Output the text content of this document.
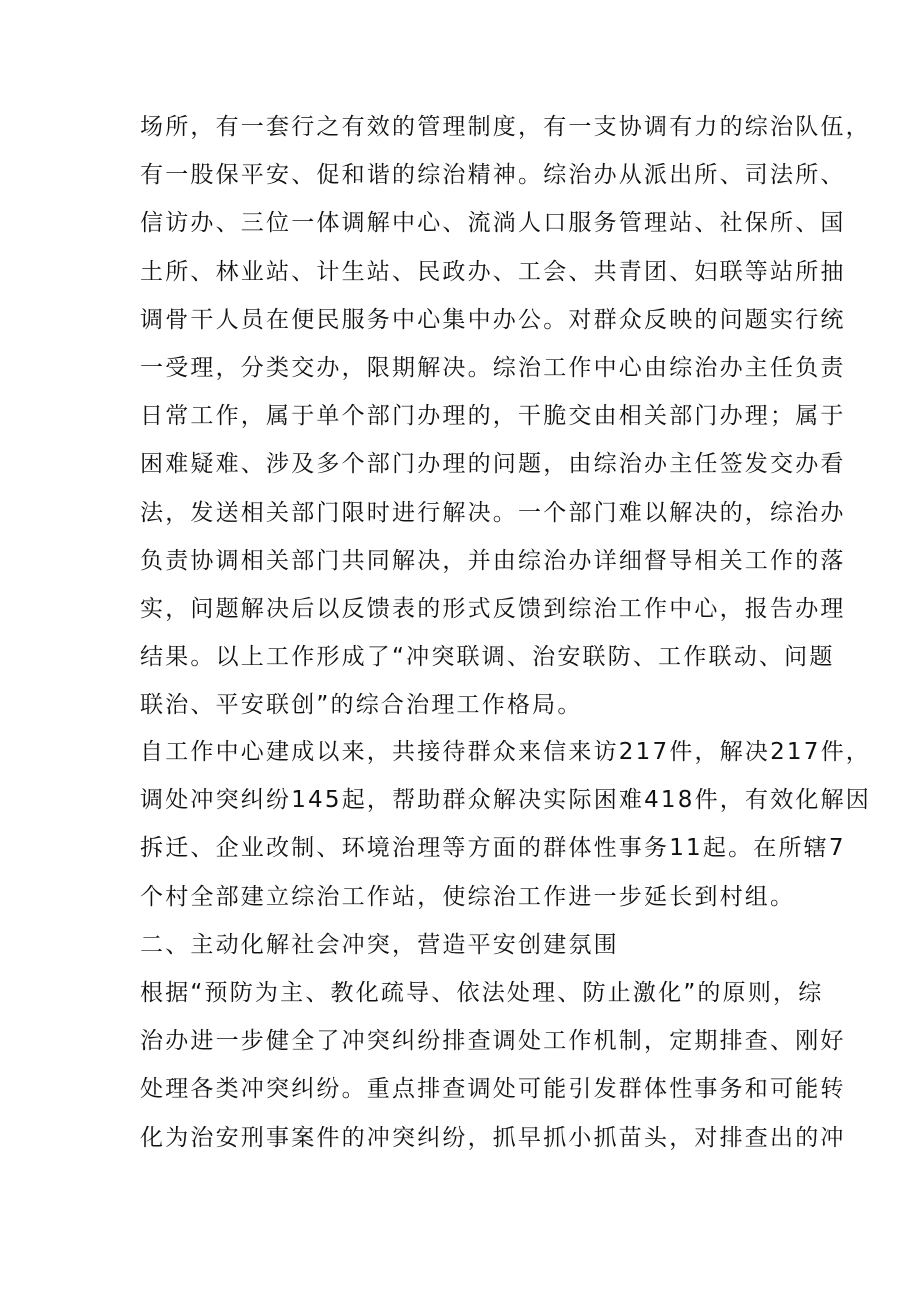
场所，有一套行之有效的管理制度，有一支协调有力的综治队伍，
有一股保平安、促和谐的综治精神。综治办从派出所、司法所、
信访办、三位一体调解中心、流淌人口服务管理站、社保所、国
土所、林业站、计生站、民政办、工会、共青团、妇联等站所抽
调骨干人员在便民服务中心集中办公。对群众反映的问题实行统
一受理，分类交办，限期解决。综治工作中心由综治办主任负责
日常工作，属于单个部门办理的，干脆交由相关部门办理；属于
困难疑难、涉及多个部门办理的问题，由综治办主任签发交办看
法，发送相关部门限时进行解决。一个部门难以解决的，综治办
负责协调相关部门共同解决，并由综治办详细督导相关工作的落
实，问题解决后以反馈表的形式反馈到综治工作中心，报告办理
结果。以上工作形成了“冲突联调、治安联防、工作联动、问题
联治、平安联创”的综合治理工作格局。
自工作中心建成以来，共接待群众来信来访217件，解决217件，
调处冲突纠纷145起，帮助群众解决实际困难418件，有效化解因
拆迁、企业改制、环境治理等方面的群体性事务11起。在所辖7
个村全部建立综治工作站，使综治工作进一步延长到村组。
二、主动化解社会冲突，营造平安创建氛围
根据“预防为主、教化疏导、依法处理、防止激化”的原则，综
治办进一步健全了冲突纠纷排查调处工作机制，定期排查、刚好
处理各类冲突纠纷。重点排查调处可能引发群体性事务和可能转
化为治安刑事案件的冲突纠纷，抓早抓小抓苗头，对排查出的冲
